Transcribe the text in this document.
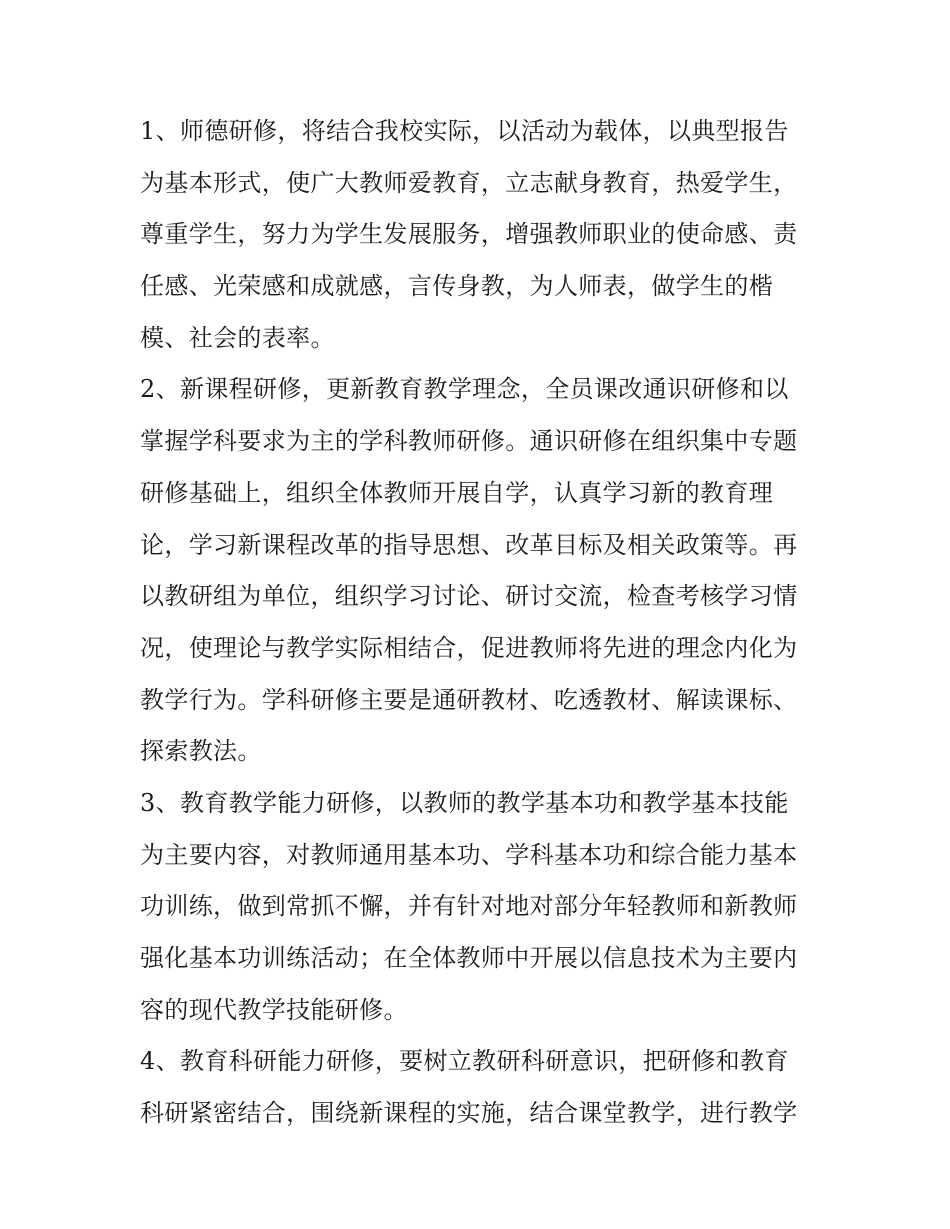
1、师德研修，将结合我校实际，以活动为载体，以典型报告
为基本形式，使广大教师爱教育，立志献身教育，热爱学生，
尊重学生，努力为学生发展服务，增强教师职业的使命感、责
任感、光荣感和成就感，言传身教，为人师表，做学生的楷
模、社会的表率。
2、新课程研修，更新教育教学理念，全员课改通识研修和以
掌握学科要求为主的学科教师研修。通识研修在组织集中专题
研修基础上，组织全体教师开展自学，认真学习新的教育理
论，学习新课程改革的指导思想、改革目标及相关政策等。再
以教研组为单位，组织学习讨论、研讨交流，检查考核学习情
况，使理论与教学实际相结合，促进教师将先进的理念内化为
教学行为。学科研修主要是通研教材、吃透教材、解读课标、
探索教法。
3、教育教学能力研修，以教师的教学基本功和教学基本技能
为主要内容，对教师通用基本功、学科基本功和综合能力基本
功训练，做到常抓不懈，并有针对地对部分年轻教师和新教师
强化基本功训练活动；在全体教师中开展以信息技术为主要内
容的现代教学技能研修。
4、教育科研能力研修，要树立教研科研意识，把研修和教育
科研紧密结合，围绕新课程的实施，结合课堂教学，进行教学
